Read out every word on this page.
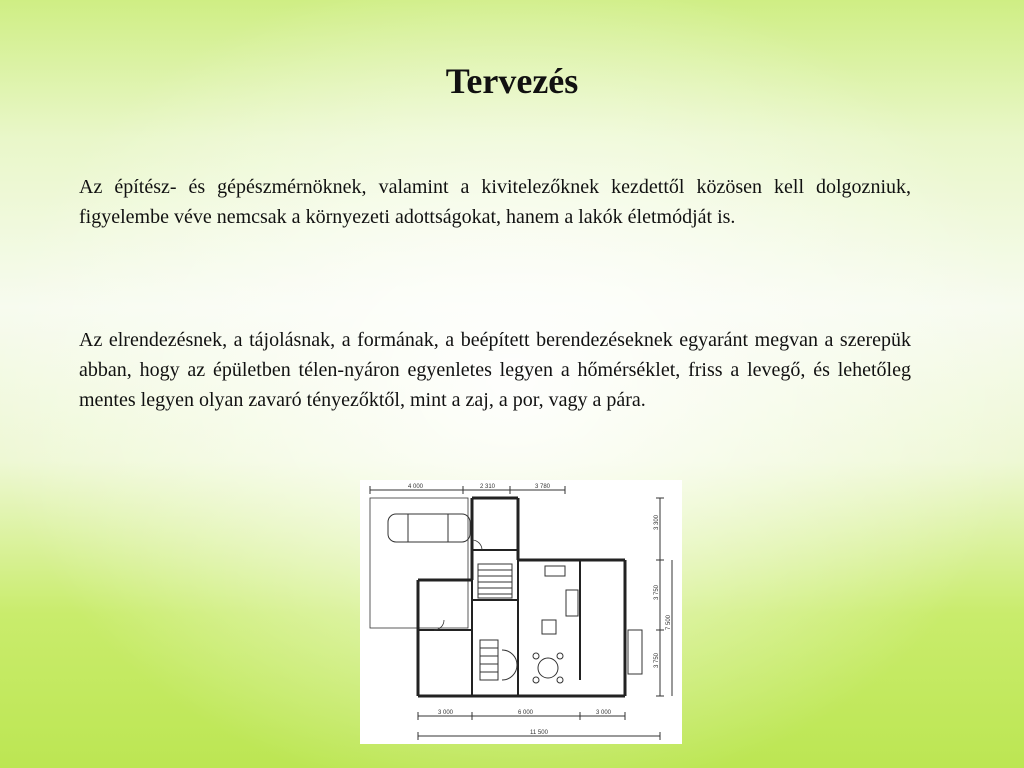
Tervezés

Az építész- és gépészmérnöknek, valamint a kivitelezőknek kezdettől közösen kell dolgozniuk, figyelembe véve nemcsak a környezeti adottságokat, hanem a lakók életmódját is.

Az elrendezésnek, a tájolásnak, a formának, a beépített berendezéseknek egyaránt megvan a szerepük abban, hogy az épületben télen-nyáron egyenletes legyen a hőmérséklet, friss a levegő, és lehetőleg mentes legyen olyan zavaró tényezőktől, mint a zaj, a por, vagy a pára.

4 000	2 310	3 780
3 000	6 000	3 000
11 500
3 300
3 750
3 750
7 500
